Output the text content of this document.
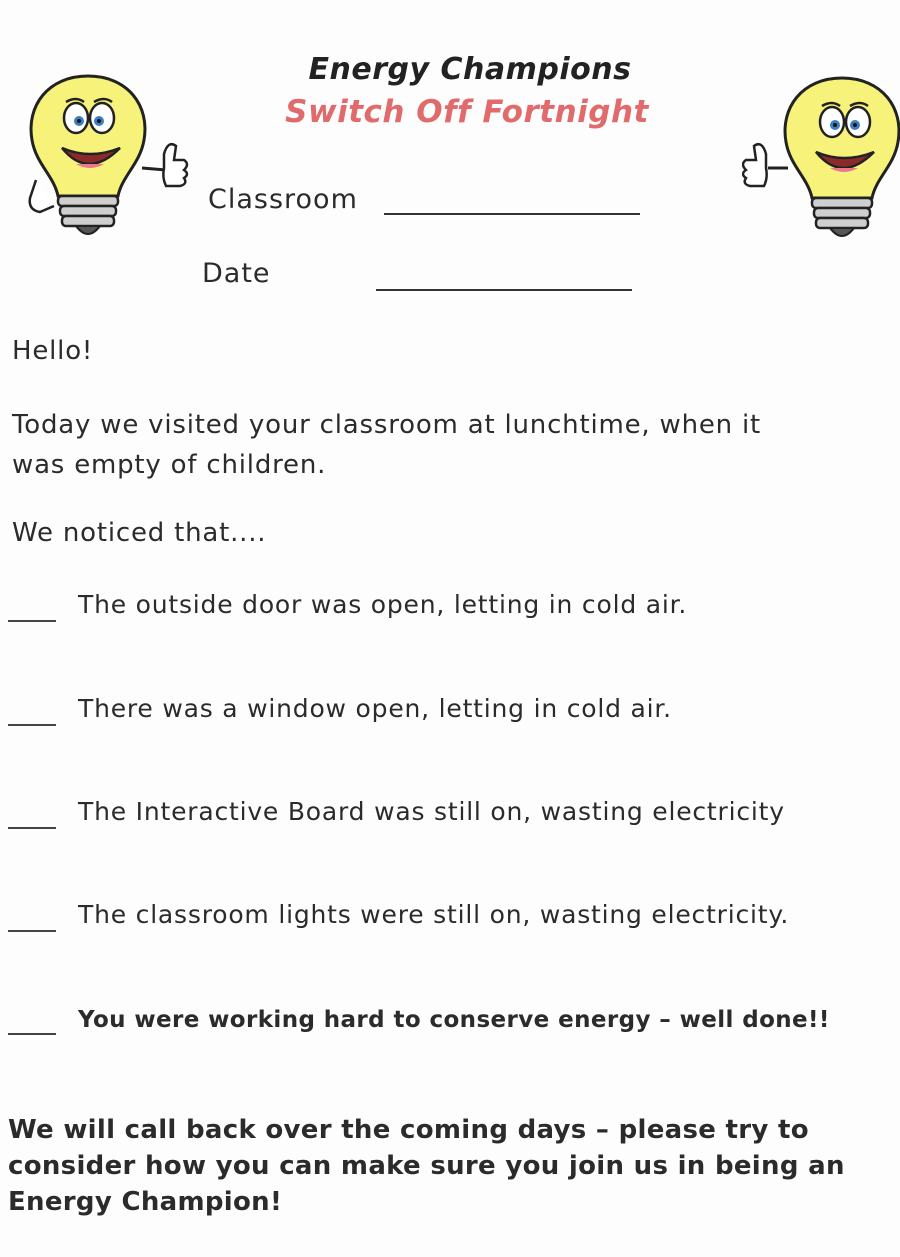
Energy Champions
Switch Off Fortnight
Classroom
Date
Hello!
Today we visited your classroom at lunchtime, when it
was empty of children.
We noticed that....
The outside door was open, letting in cold air.
There was a window open, letting in cold air.
The Interactive Board was still on, wasting electricity
The classroom lights were still on, wasting electricity.
You were working hard to conserve energy – well done!!
We will call back over the coming days – please try to
consider how you can make sure you join us in being an
Energy Champion!
